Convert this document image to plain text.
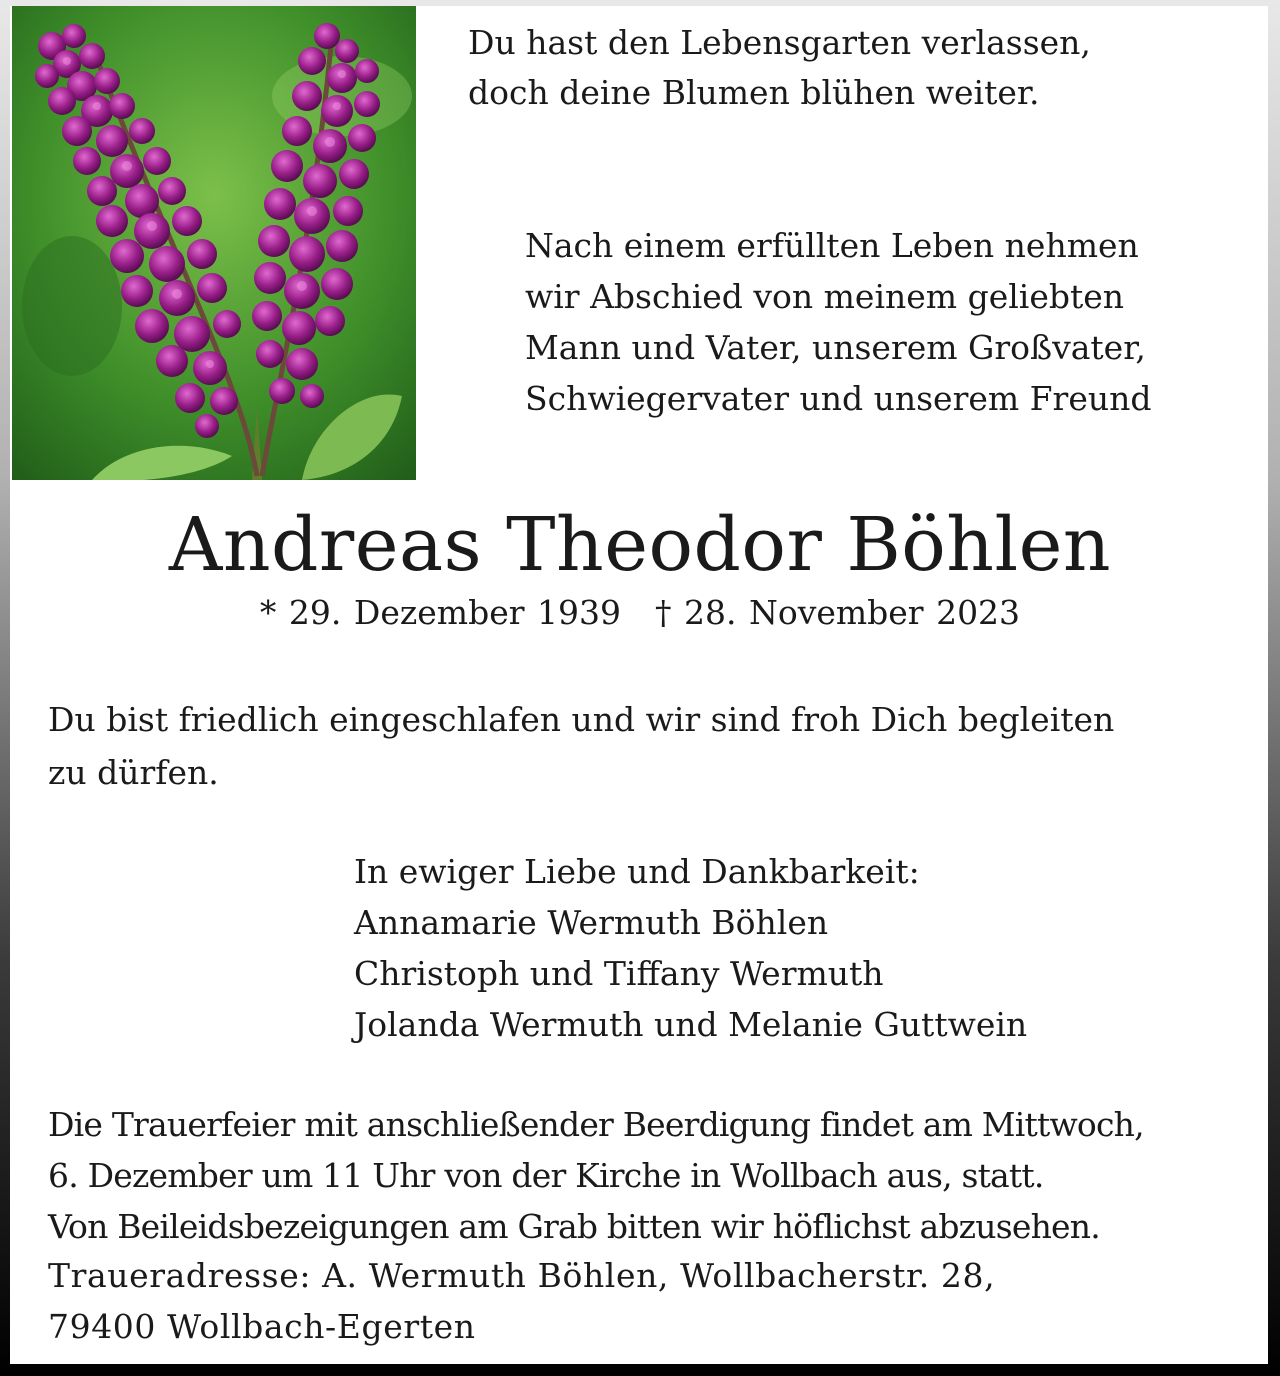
Du hast den Lebensgarten verlassen,
doch deine Blumen blühen weiter.
Nach einem erfüllten Leben nehmen
wir Abschied von meinem geliebten
Mann und Vater, unserem Großvater,
Schwiegervater und unserem Freund
Andreas Theodor Böhlen
* 29. Dezember 1939 † 28. November 2023
Du bist friedlich eingeschlafen und wir sind froh Dich begleiten
zu dürfen.
In ewiger Liebe und Dankbarkeit:
Annamarie Wermuth Böhlen
Christoph und Tiffany Wermuth
Jolanda Wermuth und Melanie Guttwein
Die Trauerfeier mit anschließender Beerdigung findet am Mittwoch,
6. Dezember um 11 Uhr von der Kirche in Wollbach aus, statt.
Von Beileidsbezeigungen am Grab bitten wir höflichst abzusehen.
Traueradresse: A. Wermuth Böhlen, Wollbacherstr. 28,
79400 Wollbach-Egerten
